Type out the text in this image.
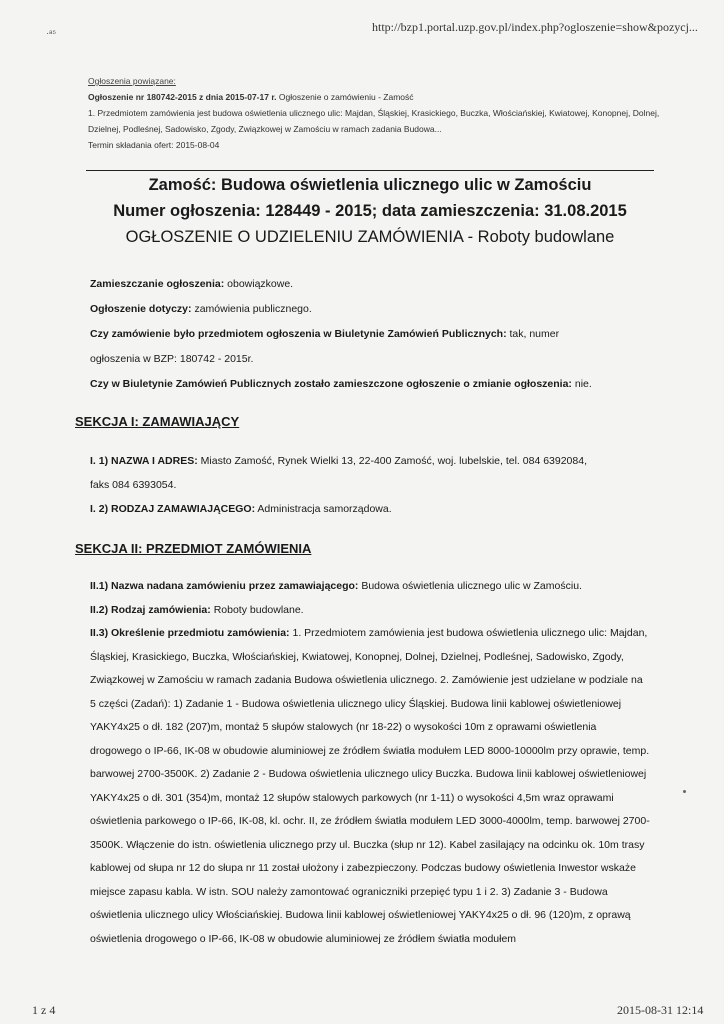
http://bzp1.portal.uzp.gov.pl/index.php?ogloszenie=show&pozycj...
·ᵃ⁵
Ogłoszenia powiązane:
Ogłoszenie nr 180742-2015 z dnia 2015-07-17 r. Ogłoszenie o zamówieniu - Zamość
1. Przedmiotem zamówienia jest budowa oświetlenia ulicznego ulic: Majdan, Śląskiej, Krasickiego, Buczka, Włościańskiej, Kwiatowej, Konopnej, Dolnej, Dzielnej, Podleśnej, Sadowisko, Zgody, Związkowej w Zamościu w ramach zadania Budowa...
Termin składania ofert: 2015-08-04
Zamość: Budowa oświetlenia ulicznego ulic w Zamościu
Numer ogłoszenia: 128449 - 2015; data zamieszczenia: 31.08.2015
OGŁOSZENIE O UDZIELENIU ZAMÓWIENIA - Roboty budowlane
Zamieszczanie ogłoszenia: obowiązkowe.
Ogłoszenie dotyczy: zamówienia publicznego.
Czy zamówienie było przedmiotem ogłoszenia w Biuletynie Zamówień Publicznych: tak, numer
ogłoszenia w BZP: 180742 - 2015r.
Czy w Biuletynie Zamówień Publicznych zostało zamieszczone ogłoszenie o zmianie ogłoszenia: nie.
SEKCJA I: ZAMAWIAJĄCY
I. 1) NAZWA I ADRES: Miasto Zamość, Rynek Wielki 13, 22-400 Zamość, woj. lubelskie, tel. 084 6392084,
faks 084 6393054.
I. 2) RODZAJ ZAMAWIAJĄCEGO: Administracja samorządowa.
SEKCJA II: PRZEDMIOT ZAMÓWIENIA
II.1) Nazwa nadana zamówieniu przez zamawiającego: Budowa oświetlenia ulicznego ulic w Zamościu.
II.2) Rodzaj zamówienia: Roboty budowlane.
II.3) Określenie przedmiotu zamówienia: 1. Przedmiotem zamówienia jest budowa oświetlenia ulicznego ulic: Majdan, Śląskiej, Krasickiego, Buczka, Włościańskiej, Kwiatowej, Konopnej, Dolnej, Dzielnej, Podleśnej, Sadowisko, Zgody, Związkowej w Zamościu w ramach zadania Budowa oświetlenia ulicznego. 2. Zamówienie jest udzielane w podziale na 5 części (Zadań): 1) Zadanie 1 - Budowa oświetlenia ulicznego ulicy Śląskiej. Budowa linii kablowej oświetleniowej YAKY4x25 o dł. 182 (207)m, montaż 5 słupów stalowych (nr 18-22) o wysokości 10m z oprawami oświetlenia drogowego o IP-66, IK-08 w obudowie aluminiowej ze źródłem światła modułem LED 8000-10000lm przy oprawie, temp. barwowej 2700-3500K. 2) Zadanie 2 - Budowa oświetlenia ulicznego ulicy Buczka. Budowa linii kablowej oświetleniowej YAKY4x25 o dł. 301 (354)m, montaż 12 słupów stalowych parkowych (nr 1-11) o wysokości 4,5m wraz oprawami oświetlenia parkowego o IP-66, IK-08, kl. ochr. II, ze źródłem światła modułem LED 3000-4000lm, temp. barwowej 2700-3500K. Włączenie do istn. oświetlenia ulicznego przy ul. Buczka (słup nr 12). Kabel zasilający na odcinku ok. 10m trasy kablowej od słupa nr 12 do słupa nr 11 został ułożony i zabezpieczony. Podczas budowy oświetlenia Inwestor wskaże miejsce zapasu kabla. W istn. SOU należy zamontować ograniczniki przepięć typu 1 i 2. 3) Zadanie 3 - Budowa oświetlenia ulicznego ulicy Włościańskiej. Budowa linii kablowej oświetleniowej YAKY4x25 o dł. 96 (120)m, z oprawą oświetlenia drogowego o IP-66, IK-08 w obudowie aluminiowej ze źródłem światła modułem
1 z 4	2015-08-31 12:14
